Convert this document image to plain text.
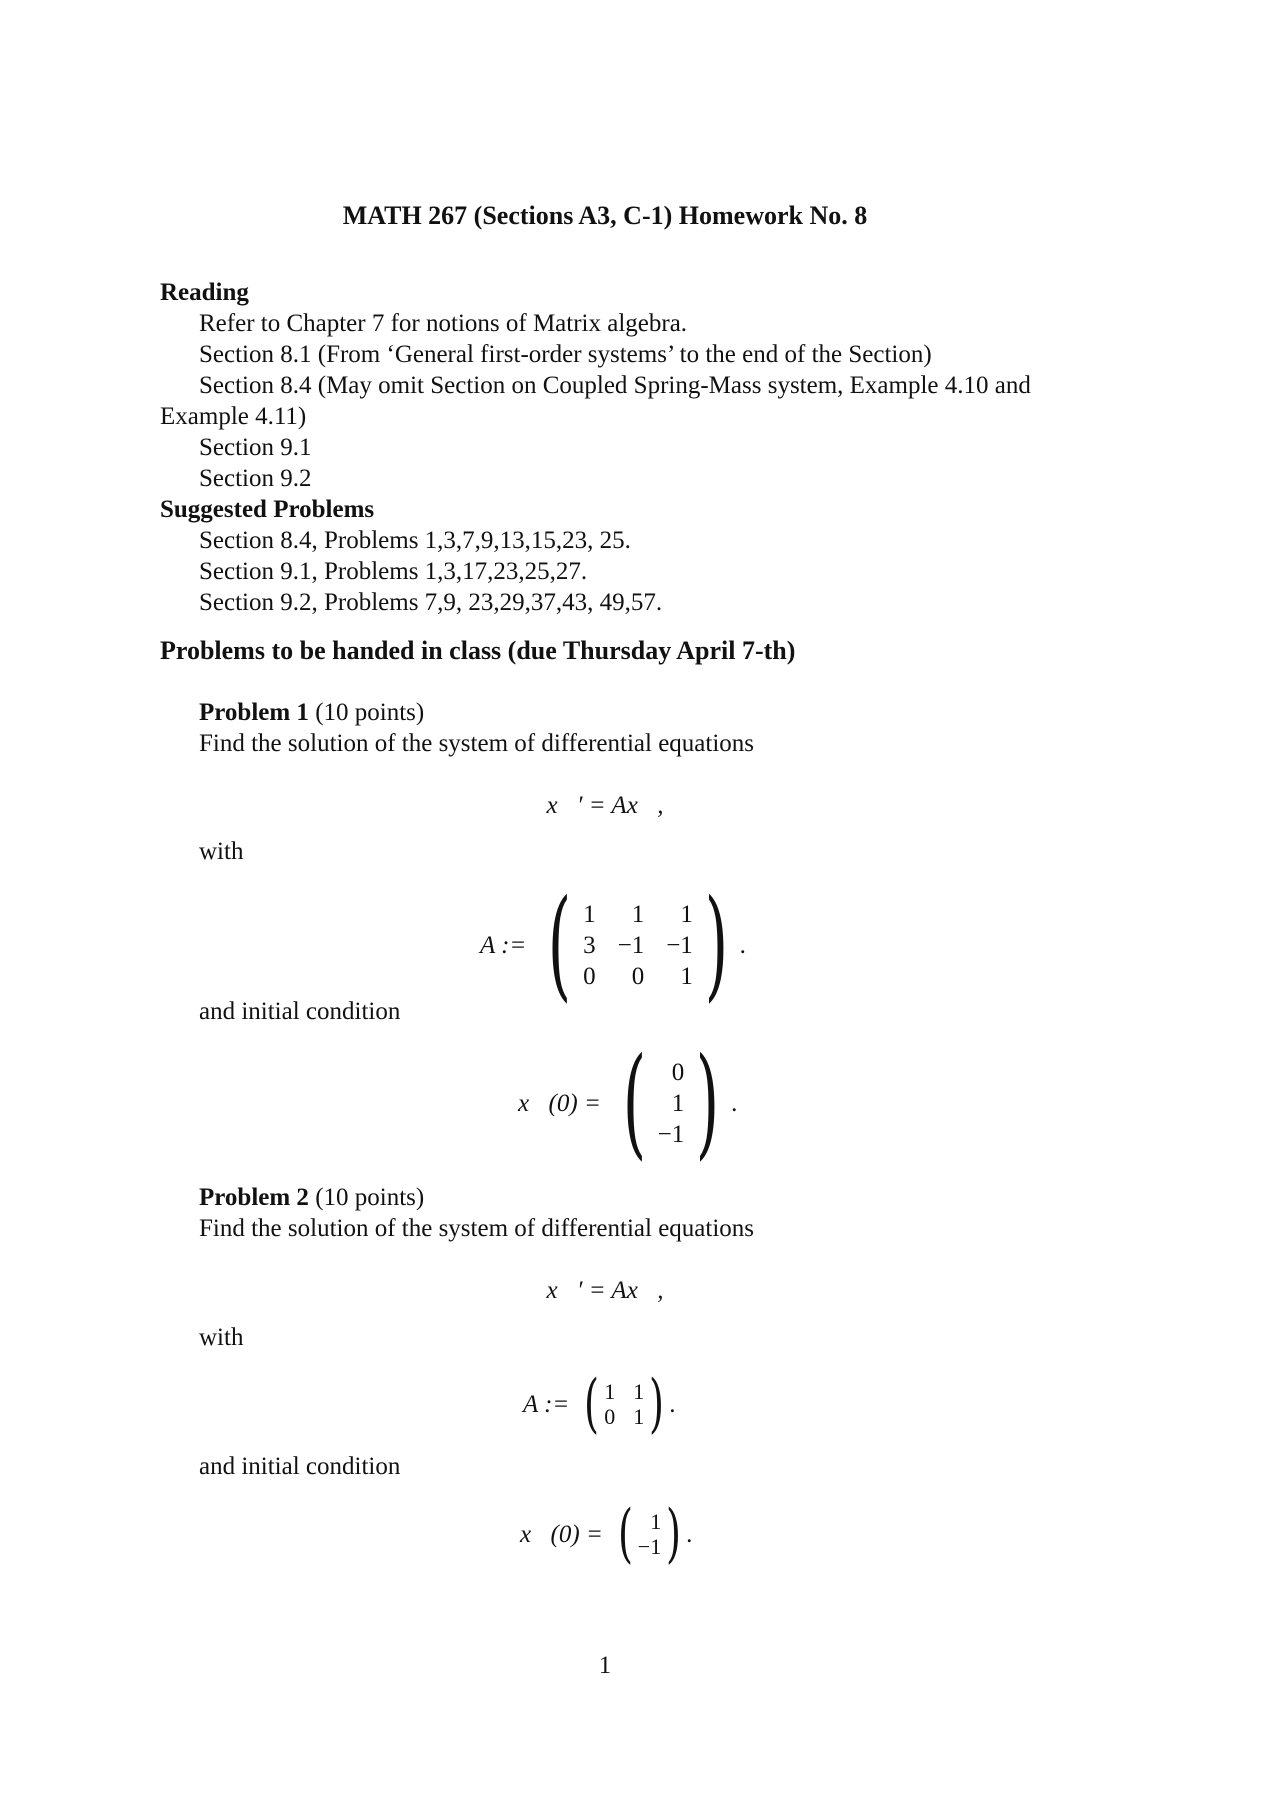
MATH 267 (Sections A3, C-1) Homework No. 8
Reading
Refer to Chapter 7 for notions of Matrix algebra.
Section 8.1 (From ‘General first-order systems’ to the end of the Section)
Section 8.4 (May omit Section on Coupled Spring-Mass system, Example 4.10 and Example 4.11)
Section 9.1
Section 9.2
Suggested Problems
Section 8.4, Problems 1,3,7,9,13,15,23, 25.
Section 9.1, Problems 1,3,17,23,25,27.
Section 9.2, Problems 7,9, 23,29,37,43, 49,57.
Problems to be handed in class (due Thursday April 7-th)
Problem 1 (10 points)
Find the solution of the system of differential equations
x⃗′ = Ax⃗,
with
A := ( 1	1	1
3 −1 −1
0	0	1 ) .
and initial condition
x⃗(0) = (	0
1
−1 ) .
Problem 2 (10 points)
Find the solution of the system of differential equations
x⃗′ = Ax⃗,
with
A := ( 1 1
0 1 ) .
and initial condition
x⃗(0) = ( 1
−1 ) .
1
